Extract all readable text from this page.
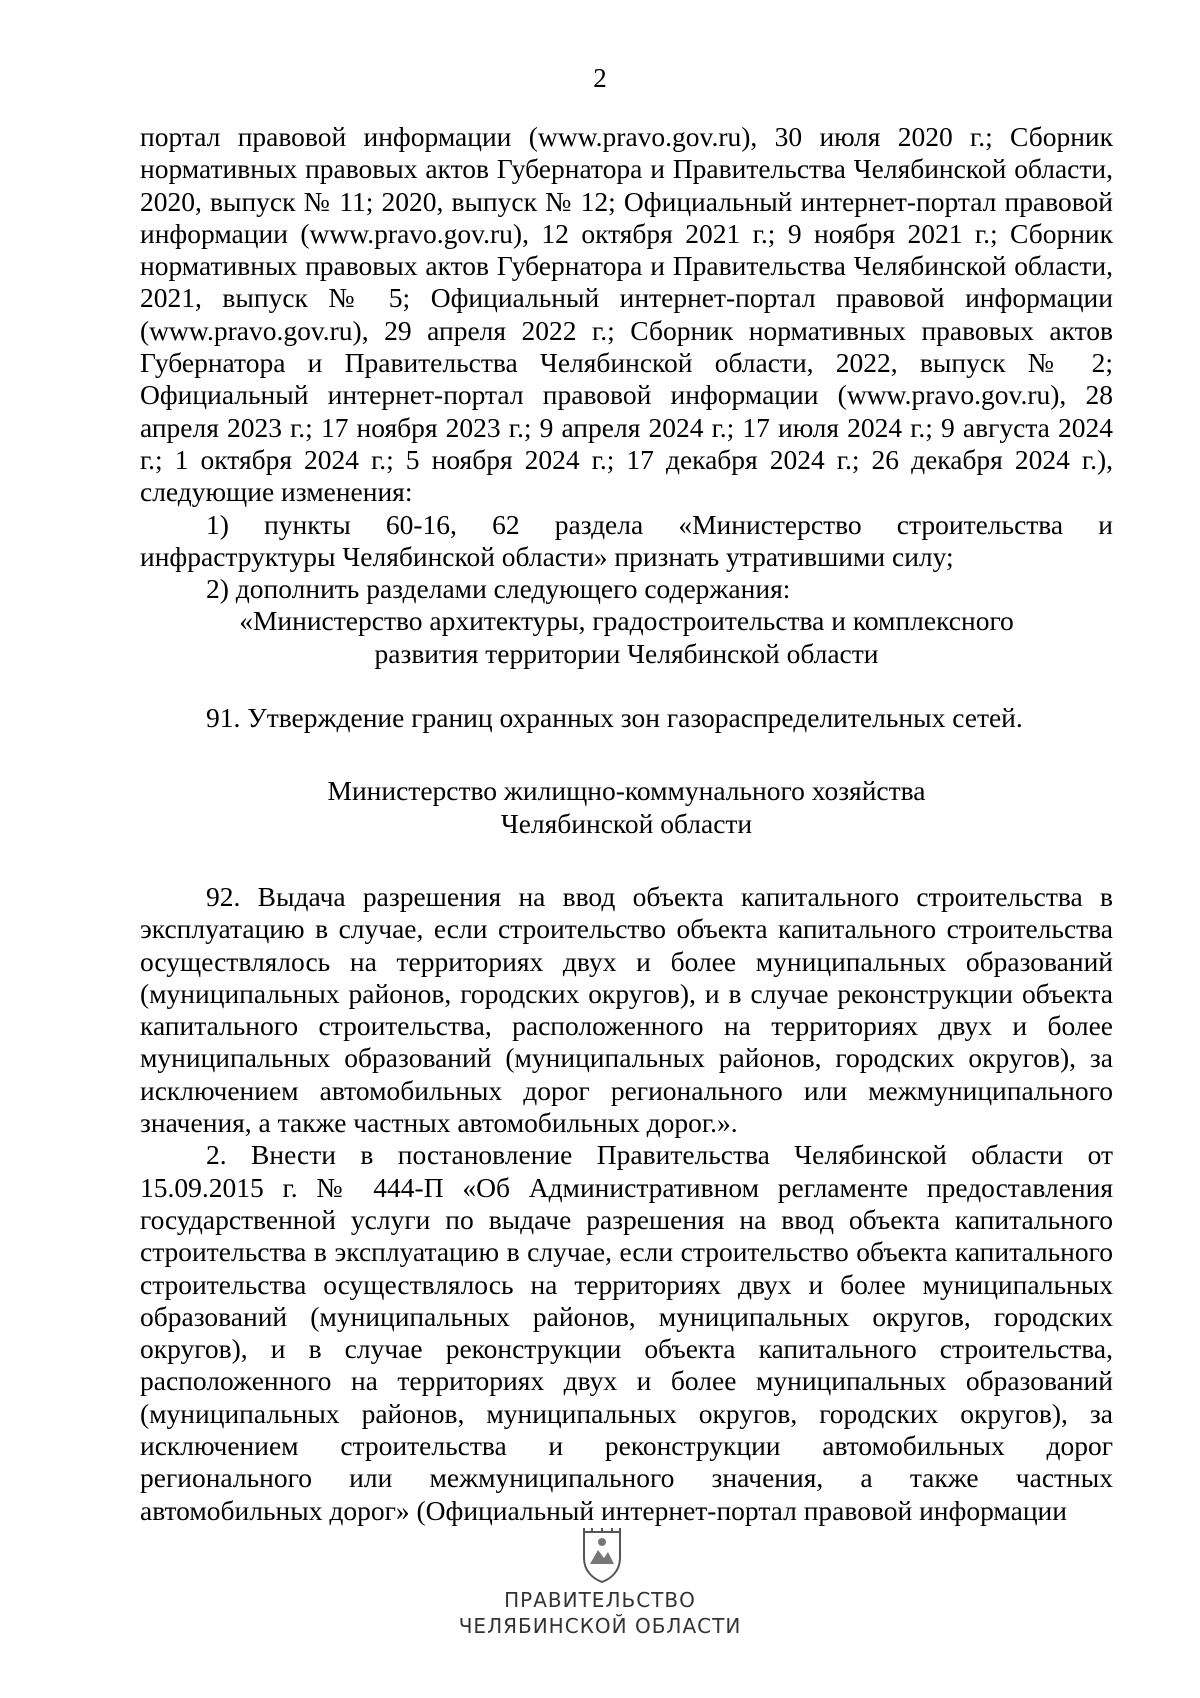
2

портал правовой информации (www.pravo.gov.ru), 30 июля 2020 г.; Сборник нормативных правовых актов Губернатора и Правительства Челябинской области, 2020, выпуск № 11; 2020, выпуск № 12; Официальный интернет-портал правовой информации (www.pravo.gov.ru), 12 октября 2021 г.; 9 ноября 2021 г.; Сборник нормативных правовых актов Губернатора и Правительства Челябинской области, 2021, выпуск № 5; Официальный интернет-портал правовой информации (www.pravo.gov.ru), 29 апреля 2022 г.; Сборник нормативных правовых актов Губернатора и Правительства Челябинской области, 2022, выпуск № 2; Официальный интернет-портал правовой информации (www.pravo.gov.ru), 28 апреля 2023 г.; 17 ноября 2023 г.; 9 апреля 2024 г.; 17 июля 2024 г.; 9 августа 2024 г.; 1 октября 2024 г.; 5 ноября 2024 г.; 17 декабря 2024 г.; 26 декабря 2024 г.), следующие изменения:

1) пункты 60-16, 62 раздела «Министерство строительства и инфраструктуры Челябинской области» признать утратившими силу;

2) дополнить разделами следующего содержания:

«Министерство архитектуры, градостроительства и комплексного развития территории Челябинской области

91. Утверждение границ охранных зон газораспределительных сетей.

Министерство жилищно-коммунального хозяйства Челябинской области

92. Выдача разрешения на ввод объекта капитального строительства в эксплуатацию в случае, если строительство объекта капитального строительства осуществлялось на территориях двух и более муниципальных образований (муниципальных районов, городских округов), и в случае реконструкции объекта капитального строительства, расположенного на территориях двух и более муниципальных образований (муниципальных районов, городских округов), за исключением автомобильных дорог регионального или межмуниципального значения, а также частных автомобильных дорог.».

2. Внести в постановление Правительства Челябинской области от 15.09.2015 г. № 444-П «Об Административном регламенте предоставления государственной услуги по выдаче разрешения на ввод объекта капитального строительства в эксплуатацию в случае, если строительство объекта капитального строительства осуществлялось на территориях двух и более муниципальных образований (муниципальных районов, муниципальных округов, городских округов), и в случае реконструкции объекта капитального строительства, расположенного на территориях двух и более муниципальных образований (муниципальных районов, муниципальных округов, городских округов), за исключением строительства и реконструкции автомобильных дорог регионального или межмуниципального значения, а также частных автомобильных дорог» (Официальный интернет-портал правовой информации

ПРАВИТЕЛЬСТВО
ЧЕЛЯБИНСКОЙ ОБЛАСТИ
